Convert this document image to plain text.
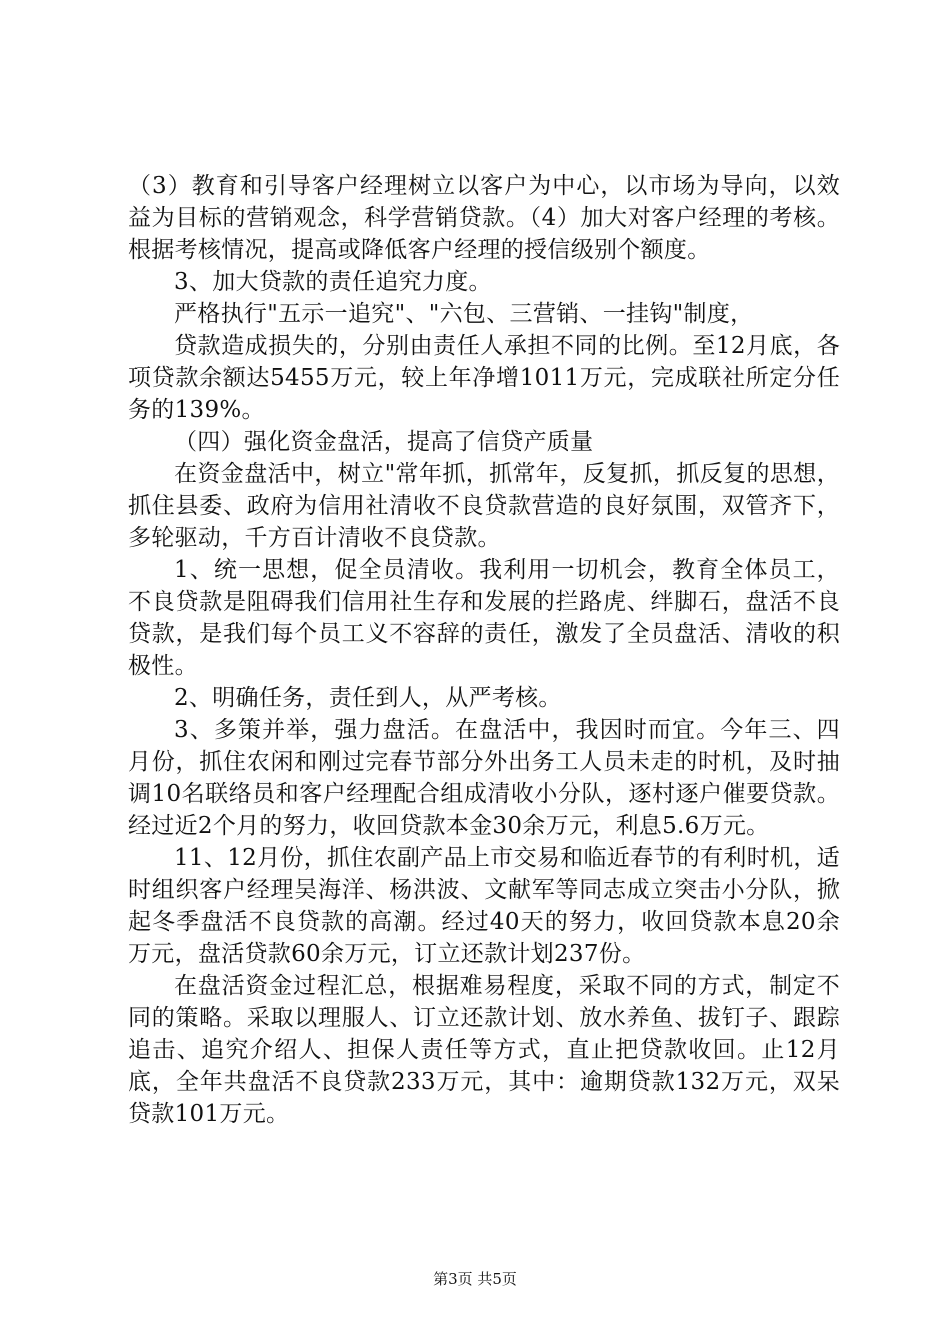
（3）教育和引导客户经理树立以客户为中心，以市场为导向，以效益为目标的营销观念，科学营销贷款。（4）加大对客户经理的考核。根据考核情况，提高或降低客户经理的授信级别个额度。

3、加大贷款的责任追究力度。

严格执行"五示一追究"、"六包、三营销、一挂钩"制度，

贷款造成损失的，分别由责任人承担不同的比例。至12月底，各项贷款余额达5455万元，较上年净增1011万元，完成联社所定分任务的139%。

（四）强化资金盘活，提高了信贷产质量

在资金盘活中，树立"常年抓，抓常年，反复抓，抓反复的思想，抓住县委、政府为信用社清收不良贷款营造的良好氛围，双管齐下，多轮驱动，千方百计清收不良贷款。

1、统一思想，促全员清收。我利用一切机会，教育全体员工，不良贷款是阻碍我们信用社生存和发展的拦路虎、绊脚石，盘活不良贷款，是我们每个员工义不容辞的责任，激发了全员盘活、清收的积极性。

2、明确任务，责任到人，从严考核。

3、多策并举，强力盘活。在盘活中，我因时而宜。今年三、四月份，抓住农闲和刚过完春节部分外出务工人员未走的时机，及时抽调10名联络员和客户经理配合组成清收小分队，逐村逐户催要贷款。经过近2个月的努力，收回贷款本金30余万元，利息5.6万元。

11、12月份，抓住农副产品上市交易和临近春节的有利时机，适时组织客户经理吴海洋、杨洪波、文献军等同志成立突击小分队，掀起冬季盘活不良贷款的高潮。经过40天的努力，收回贷款本息20余万元，盘活贷款60余万元，订立还款计划237份。

在盘活资金过程汇总，根据难易程度，采取不同的方式，制定不同的策略。采取以理服人、订立还款计划、放水养鱼、拔钉子、跟踪追击、追究介绍人、担保人责任等方式，直止把贷款收回。止12月底，全年共盘活不良贷款233万元，其中：逾期贷款132万元，双呆贷款101万元。

第3页 共5页
